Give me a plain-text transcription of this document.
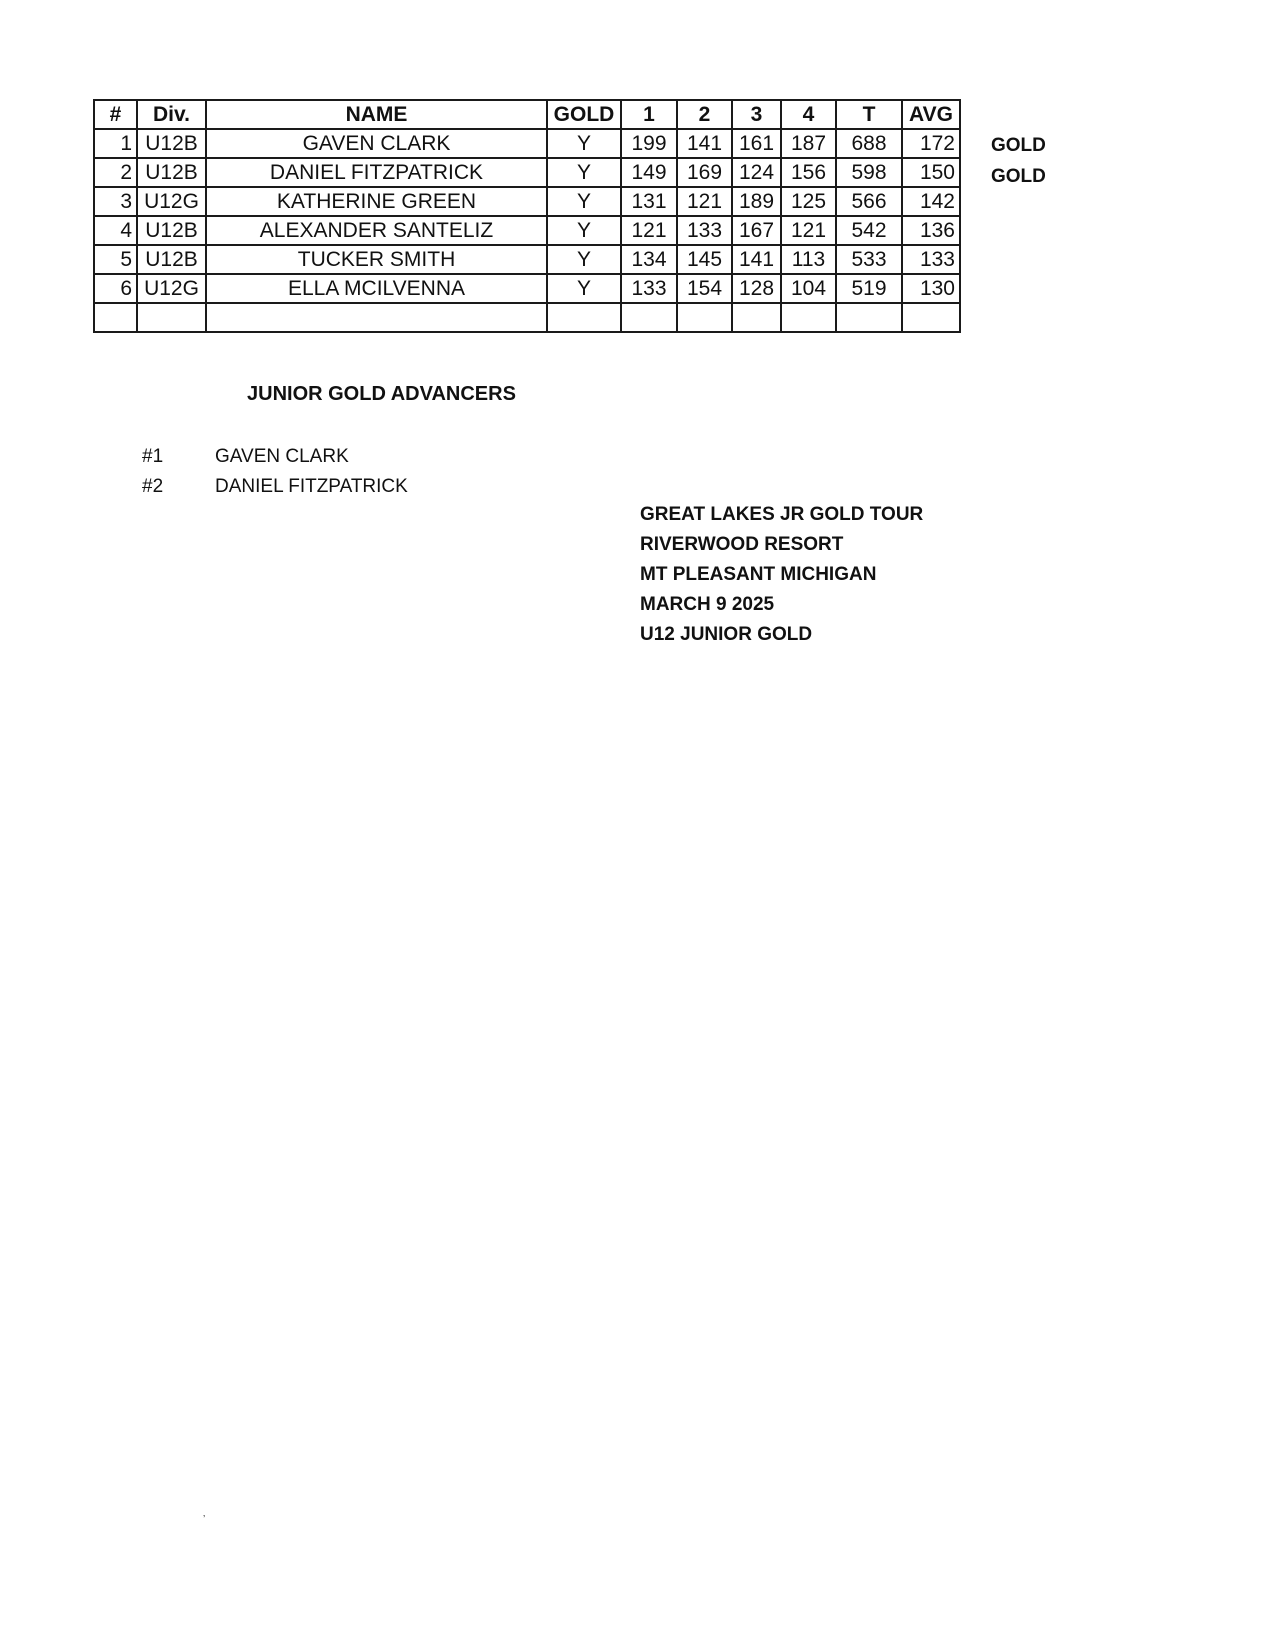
#	Div.	NAME	GOLD	1	2	3	4	T	AVG
1	U12B	GAVEN CLARK	Y	199	141	161	187	688	172
2	U12B	DANIEL FITZPATRICK	Y	149	169	124	156	598	150
3	U12G	KATHERINE GREEN	Y	131	121	189	125	566	142
4	U12B	ALEXANDER SANTELIZ	Y	121	133	167	121	542	136
5	U12B	TUCKER SMITH	Y	134	145	141	113	533	133
6	U12G	ELLA MCILVENNA	Y	133	154	128	104	519	130

GOLD
GOLD
JUNIOR GOLD ADVANCERS
#1	GAVEN CLARK
#2	DANIEL FITZPATRICK
GREAT LAKES JR GOLD TOUR
RIVERWOOD RESORT
MT PLEASANT MICHIGAN
MARCH 9 2025
U12 JUNIOR GOLD
’
